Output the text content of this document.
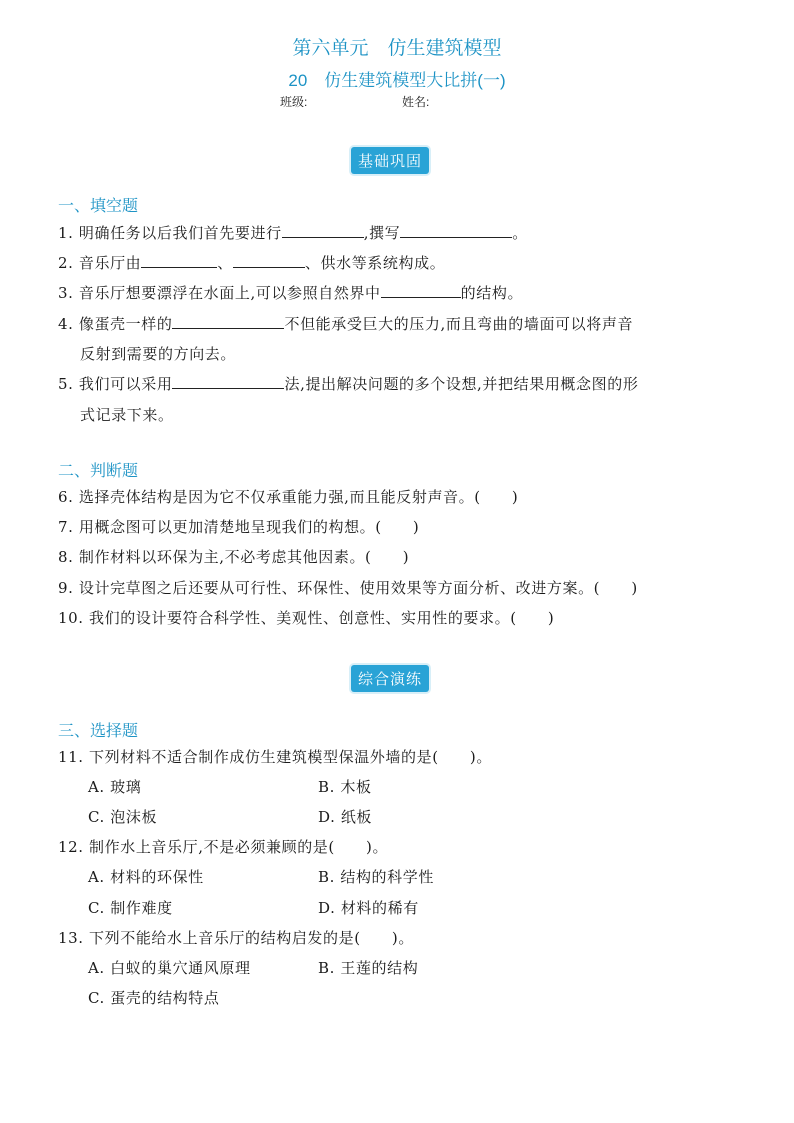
第六单元　仿生建筑模型
20　仿生建筑模型大比拼(一)
班级:	姓名:
基础巩固
一、填空题
1. 明确任务以后我们首先要进行	,撰写	。
2. 音乐厅由	、	、供水等系统构成。
3. 音乐厅想要漂浮在水面上,可以参照自然界中	的结构。
4. 像蛋壳一样的	不但能承受巨大的压力,而且弯曲的墙面可以将声音
反射到需要的方向去。
5. 我们可以采用	法,提出解决问题的多个设想,并把结果用概念图的形
式记录下来。
二、判断题
6. 选择壳体结构是因为它不仅承重能力强,而且能反射声音。(　　)
7. 用概念图可以更加清楚地呈现我们的构想。(　　)
8. 制作材料以环保为主,不必考虑其他因素。(　　)
9. 设计完草图之后还要从可行性、环保性、使用效果等方面分析、改进方案。(　　)
10. 我们的设计要符合科学性、美观性、创意性、实用性的要求。(　　)
综合演练
三、选择题
11. 下列材料不适合制作成仿生建筑模型保温外墙的是(　　)。
A. 玻璃	B. 木板
C. 泡沫板	D. 纸板
12. 制作水上音乐厅,不是必须兼顾的是(　　)。
A. 材料的环保性	B. 结构的科学性
C. 制作难度	D. 材料的稀有
13. 下列不能给水上音乐厅的结构启发的是(　　)。
A. 白蚁的巢穴通风原理	B. 王莲的结构
C. 蛋壳的结构特点
